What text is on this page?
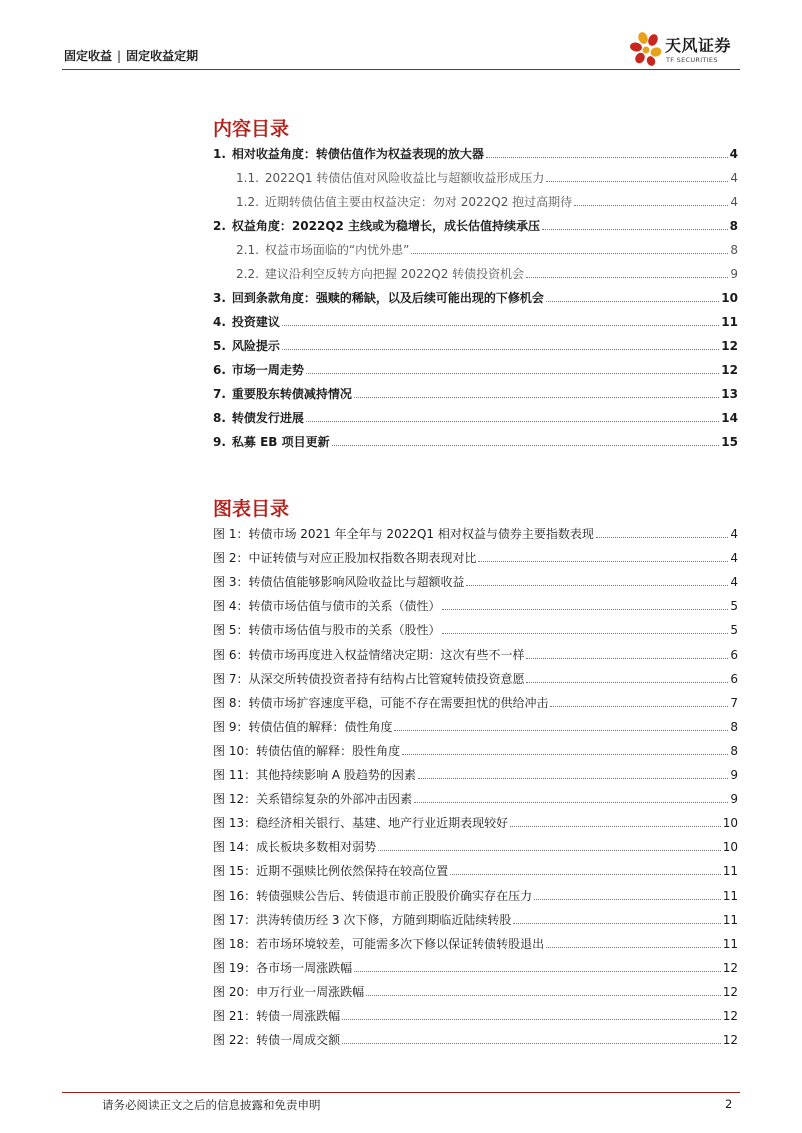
固定收益 | 固定收益定期
天风证券
TF SECURITIES
内容目录
1. 相对收益角度：转债估值作为权益表现的放大器	4
1.1. 2022Q1 转债估值对风险收益比与超额收益形成压力	4
1.2. 近期转债估值主要由权益决定：勿对 2022Q2 抱过高期待	4
2. 权益角度：2022Q2 主线或为稳增长，成长估值持续承压	8
2.1. 权益市场面临的“内忧外患”	8
2.2. 建议沿利空反转方向把握 2022Q2 转债投资机会	9
3. 回到条款角度：强赎的稀缺，以及后续可能出现的下修机会	10
4. 投资建议	11
5. 风险提示	12
6. 市场一周走势	12
7. 重要股东转债减持情况	13
8. 转债发行进展	14
9. 私募 EB 项目更新	15
图表目录
图 1：转债市场 2021 年全年与 2022Q1 相对权益与债券主要指数表现	4
图 2：中证转债与对应正股加权指数各期表现对比	4
图 3：转债估值能够影响风险收益比与超额收益	4
图 4：转债市场估值与债市的关系（债性）	5
图 5：转债市场估值与股市的关系（股性）	5
图 6：转债市场再度进入权益情绪决定期：这次有些不一样	6
图 7：从深交所转债投资者持有结构占比管窥转债投资意愿	6
图 8：转债市场扩容速度平稳，可能不存在需要担忧的供给冲击	7
图 9：转债估值的解释：债性角度	8
图 10：转债估值的解释：股性角度	8
图 11：其他持续影响 A 股趋势的因素	9
图 12：关系错综复杂的外部冲击因素	9
图 13：稳经济相关银行、基建、地产行业近期表现较好	10
图 14：成长板块多数相对弱势	10
图 15：近期不强赎比例依然保持在较高位置	11
图 16：转债强赎公告后、转债退市前正股股价确实存在压力	11
图 17：洪涛转债历经 3 次下修，方随到期临近陆续转股	11
图 18：若市场环境较差，可能需多次下修以保证转债转股退出	11
图 19：各市场一周涨跌幅	12
图 20：申万行业一周涨跌幅	12
图 21：转债一周涨跌幅	12
图 22：转债一周成交额	12
请务必阅读正文之后的信息披露和免责申明	2
